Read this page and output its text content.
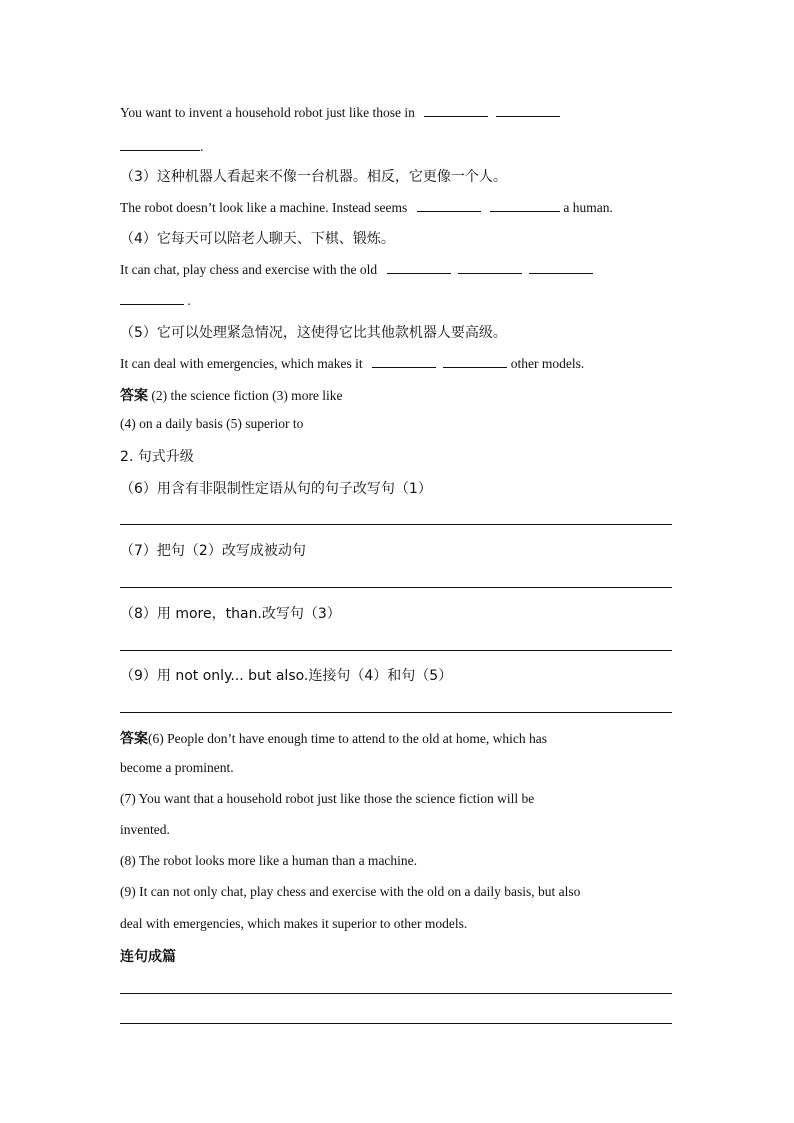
You want to invent a household robot just like those in
.
（3）这种机器人看起来不像一台机器。相反，它更像一个人。
The robot doesn’t look like a machine. Instead seems	a human.
（4）它每天可以陪老人聊天、下棋、锻炼。
It can chat, play chess and exercise with the old
.
（5）它可以处理紧急情况，这使得它比其他款机器人要高级。
It can deal with emergencies, which makes it	other models.
答案 (2) the science fiction (3) more like
(4) on a daily basis (5) superior to
2. 句式升级
（6）用含有非限制性定语从句的句子改写句（1）
（7）把句（2）改写成被动句
（8）用 more，than.改写句（3）
（9）用 not only... but also.连接句（4）和句（5）
答案(6) People don’t have enough time to attend to the old at home, which has
become a prominent.
(7) You want that a household robot just like those the science fiction will be
invented.
(8) The robot looks more like a human than a machine.
(9) It can not only chat, play chess and exercise with the old on a daily basis, but also
deal with emergencies, which makes it superior to other models.
连句成篇
